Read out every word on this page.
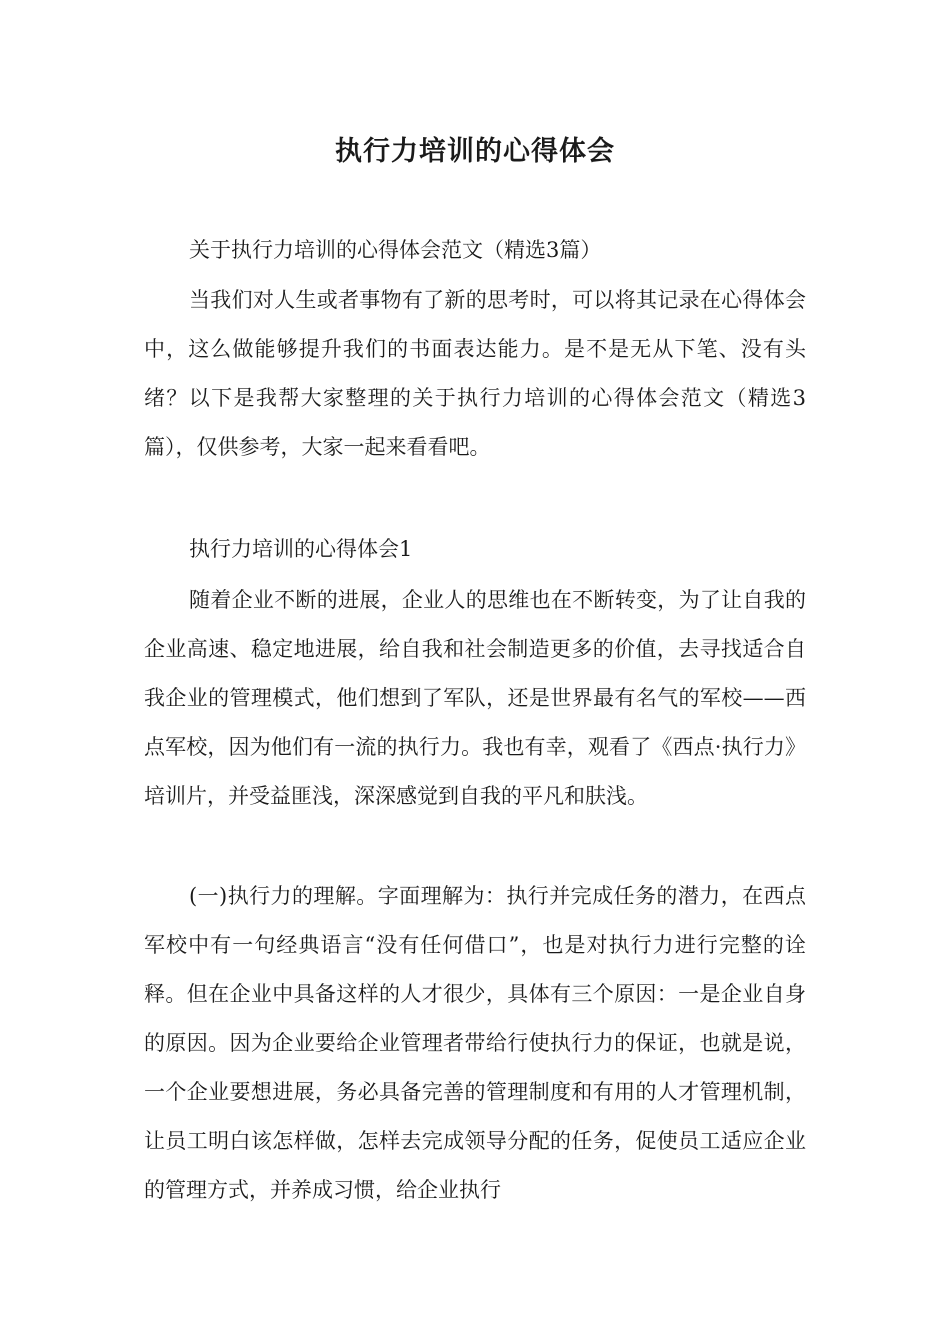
执行力培训的心得体会

关于执行力培训的心得体会范文（精选3篇）

当我们对人生或者事物有了新的思考时，可以将其记录在心得体会中，这么做能够提升我们的书面表达能力。是不是无从下笔、没有头绪？以下是我帮大家整理的关于执行力培训的心得体会范文（精选3篇），仅供参考，大家一起来看看吧。

执行力培训的心得体会1

随着企业不断的进展，企业人的思维也在不断转变，为了让自我的企业高速、稳定地进展，给自我和社会制造更多的价值，去寻找适合自我企业的管理模式，他们想到了军队，还是世界最有名气的军校——西点军校，因为他们有一流的执行力。我也有幸，观看了《西点·执行力》培训片，并受益匪浅，深深感觉到自我的平凡和肤浅。

(一)执行力的理解。字面理解为：执行并完成任务的潜力，在西点军校中有一句经典语言“没有任何借口”，也是对执行力进行完整的诠释。但在企业中具备这样的人才很少，具体有三个原因：一是企业自身的原因。因为企业要给企业管理者带给行使执行力的保证，也就是说，一个企业要想进展，务必具备完善的管理制度和有用的人才管理机制，让员工明白该怎样做，怎样去完成领导分配的任务，促使员工适应企业的管理方式，并养成习惯，给企业执行
